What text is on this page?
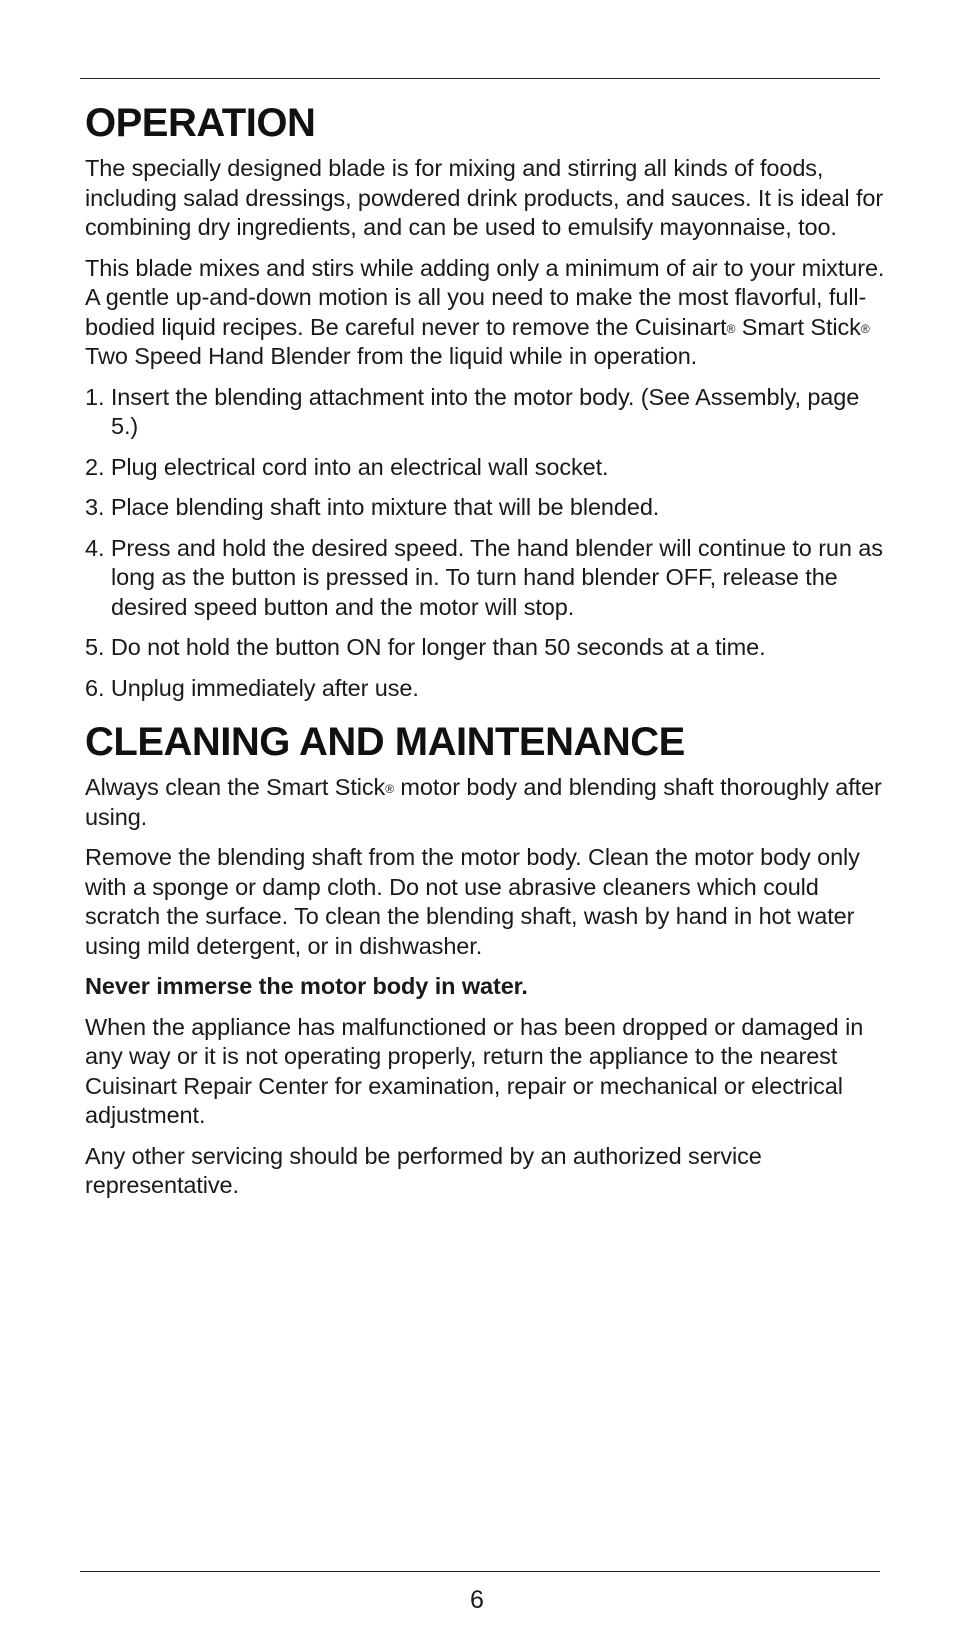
OPERATION

The specially designed blade is for mixing and stirring all kinds of foods, including salad dressings, powdered drink products, and sauces. It is ideal for combining dry ingredients, and can be used to emulsify mayonnaise, too.

This blade mixes and stirs while adding only a minimum of air to your mixture. A gentle up-and-down motion is all you need to make the most flavorful, full-bodied liquid recipes. Be careful never to remove the Cuisinart® Smart Stick® Two Speed Hand Blender from the liquid while in operation.

1. Insert the blending attachment into the motor body. (See Assembly, page 5.)
2. Plug electrical cord into an electrical wall socket.
3. Place blending shaft into mixture that will be blended.
4. Press and hold the desired speed. The hand blender will continue to run as long as the button is pressed in. To turn hand blender OFF, release the desired speed button and the motor will stop.
5. Do not hold the button ON for longer than 50 seconds at a time.
6. Unplug immediately after use.
CLEANING AND MAINTENANCE

Always clean the Smart Stick® motor body and blending shaft thoroughly after using.

Remove the blending shaft from the motor body. Clean the motor body only with a sponge or damp cloth. Do not use abrasive cleaners which could scratch the surface. To clean the blending shaft, wash by hand in hot water using mild detergent, or in dishwasher.

Never immerse the motor body in water.

When the appliance has malfunctioned or has been dropped or damaged in any way or it is not operating properly, return the appliance to the nearest Cuisinart Repair Center for examination, repair or mechanical or electrical adjustment.

Any other servicing should be performed by an authorized service representative.

6
